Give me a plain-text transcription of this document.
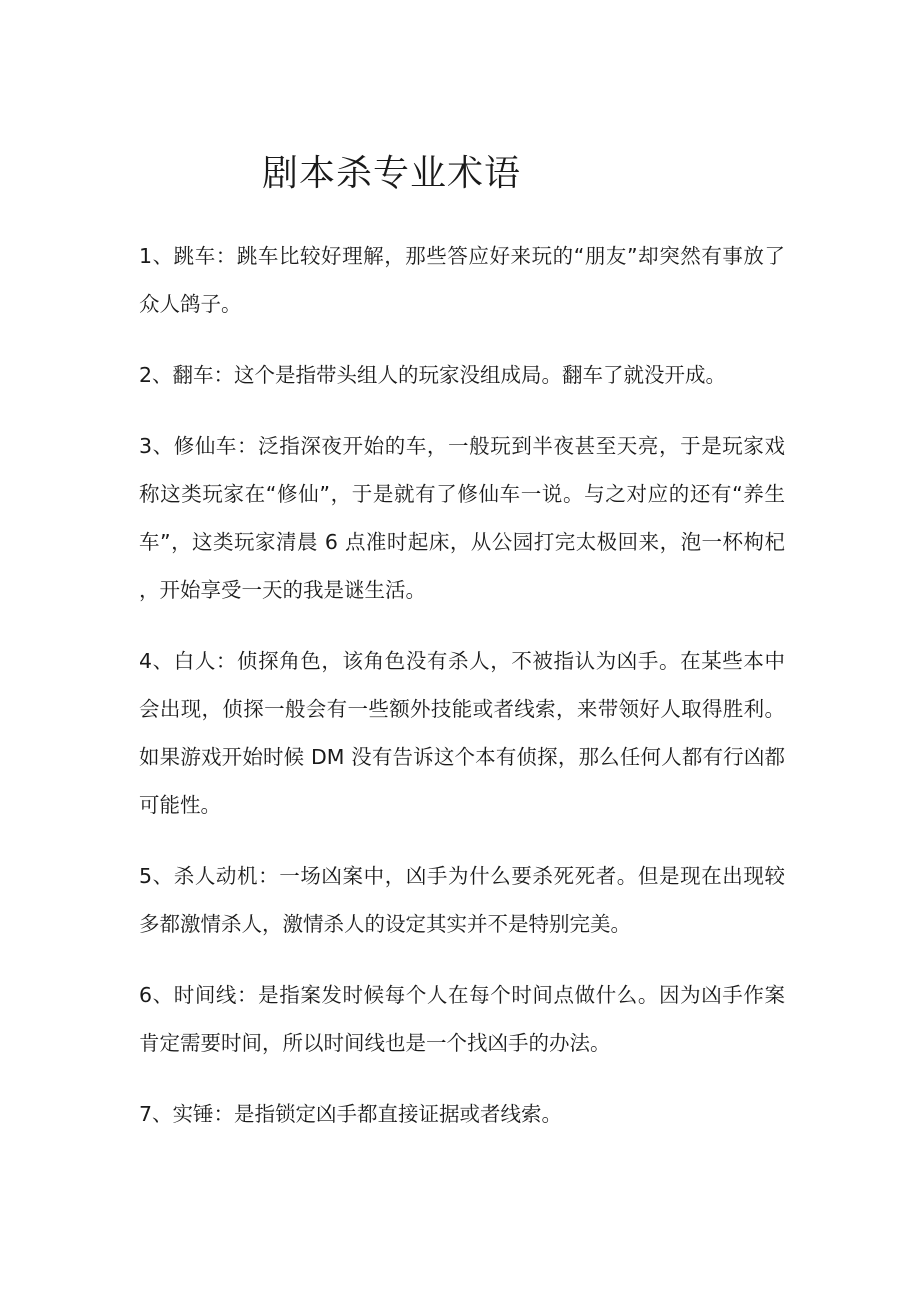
剧本杀专业术语
1、跳车：跳车比较好理解，那些答应好来玩的“朋友”却突然有事放了众人鸽子。
2、翻车：这个是指带头组人的玩家没组成局。翻车了就没开成。
3、修仙车：泛指深夜开始的车，一般玩到半夜甚至天亮，于是玩家戏称这类玩家在“修仙”，于是就有了修仙车一说。与之对应的还有“养生车”，这类玩家清晨 6 点准时起床，从公园打完太极回来，泡一杯枸杞，开始享受一天的我是谜生活。
4、白人：侦探角色，该角色没有杀人，不被指认为凶手。在某些本中会出现，侦探一般会有一些额外技能或者线索，来带领好人取得胜利。如果游戏开始时候 DM 没有告诉这个本有侦探，那么任何人都有行凶都可能性。
5、杀人动机：一场凶案中，凶手为什么要杀死死者。但是现在出现较多都激情杀人，激情杀人的设定其实并不是特别完美。
6、时间线：是指案发时候每个人在每个时间点做什么。因为凶手作案肯定需要时间，所以时间线也是一个找凶手的办法。
7、实锤：是指锁定凶手都直接证据或者线索。
